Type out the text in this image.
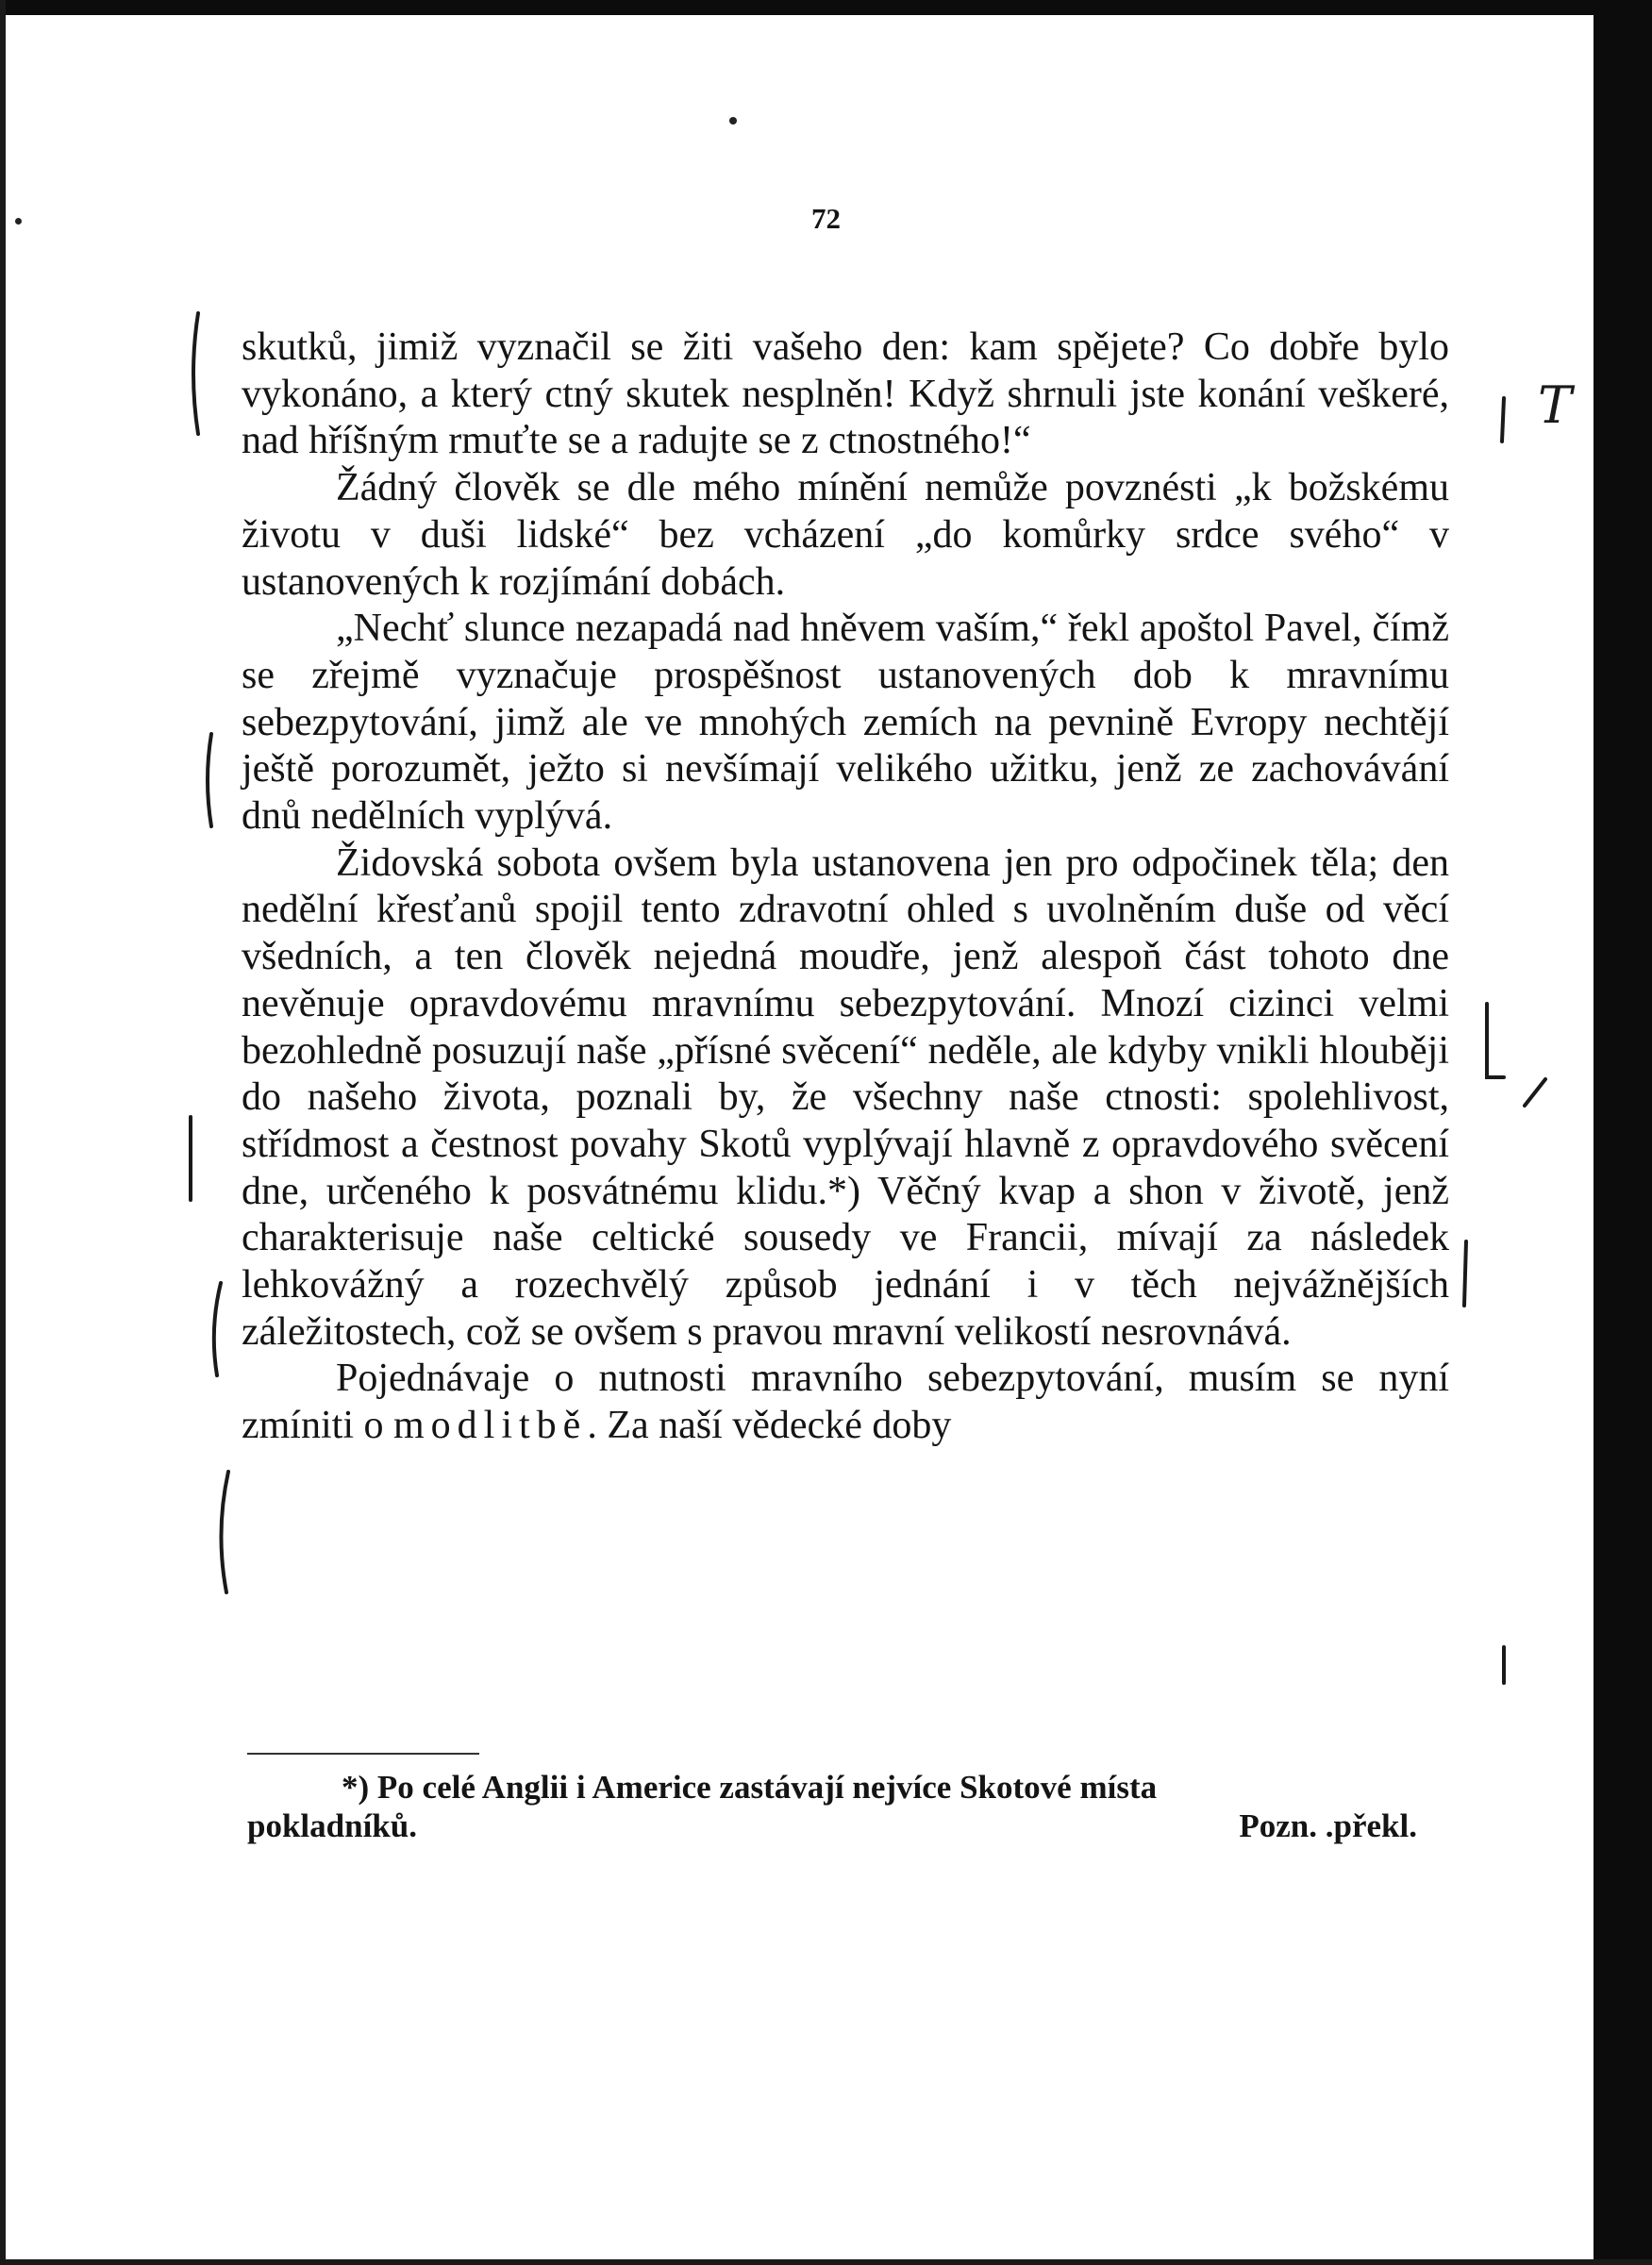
72

skutků, jimiž vyznačil se žiti vašeho den: kam spějete? Co dobře bylo vykonáno, a který ctný skutek nesplněn! Když shrnuli jste konání veškeré, nad hříšným rmuťte se a radujte se z ctnostného!“

Žádný člověk se dle mého mínění nemůže povznésti „k božskému životu v duši lidské“ bez vcházení „do komůrky srdce svého“ v ustanovených k rozjímání dobách.

„Nechť slunce nezapadá nad hněvem vaším,“ řekl apoštol Pavel, čímž se zřejmě vyznačuje prospěšnost ustanovených dob k mravnímu sebezpytování, jimž ale ve mnohých zemích na pevnině Evropy nechtějí ještě porozumět, ježto si nevšímají velikého užitku, jenž ze zachovávání dnů nedělních vyplývá.

Židovská sobota ovšem byla ustanovena jen pro odpočinek těla; den nedělní křesťanů spojil tento zdravotní ohled s uvolněním duše od věcí všedních, a ten člověk nejedná moudře, jenž alespoň část tohoto dne nevěnuje opravdovému mravnímu sebezpytování. Mnozí cizinci velmi bezohledně posuzují naše „přísné svěcení“ neděle, ale kdyby vnikli hlouběji do našeho života, poznali by, že všechny naše ctnosti: spolehlivost, střídmost a čestnost povahy Skotů vyplývají hlavně z opravdového svěcení dne, určeného k posvátnému klidu.*) Věčný kvap a shon v životě, jenž charakterisuje naše celtické sousedy ve Francii, mívají za následek lehkovážný a rozechvělý způsob jednání i v těch nejvážnějších záležitostech, což se ovšem s pravou mravní velikostí nesrovnává.

Pojednávaje o nutnosti mravního sebezpytování, musím se nyní zmíniti o modlitbě. Za naší vědecké doby

*) Po celé Anglii i Americe zastávají nejvíce Skotové místa

pokladníků.	Pozn. .překl.

T
